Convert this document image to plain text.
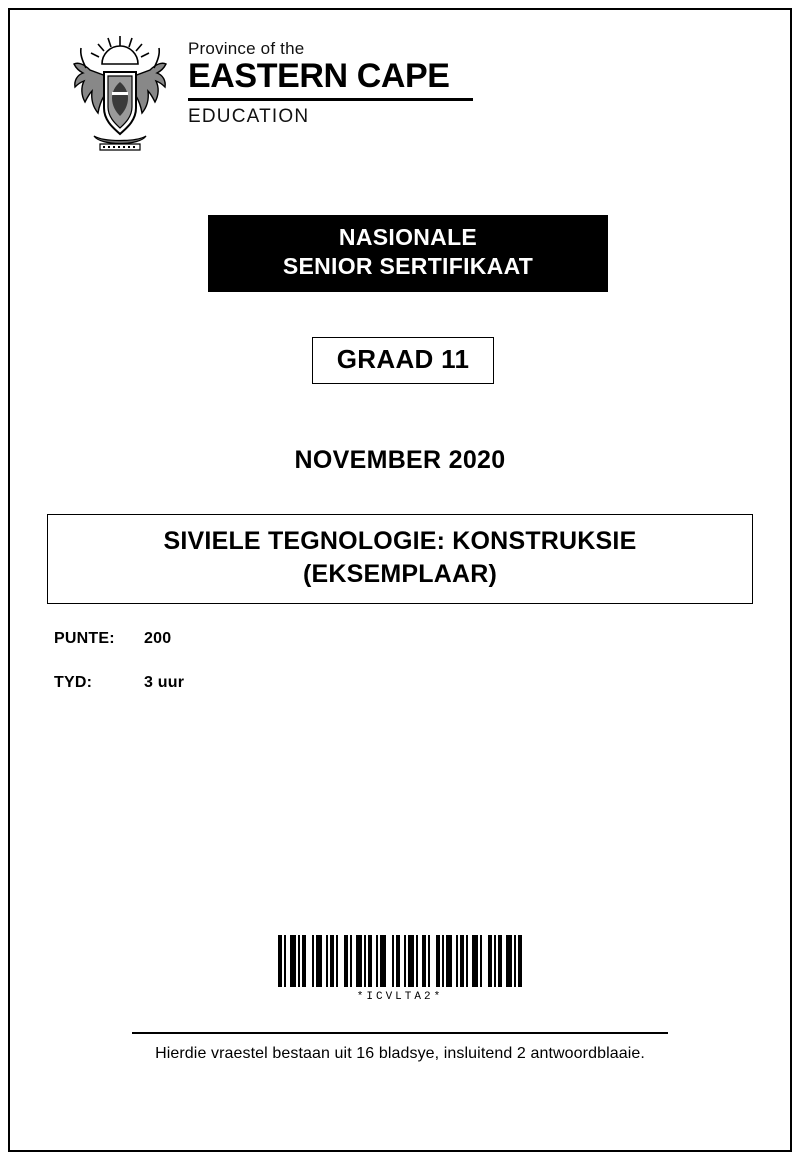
Province of the
EASTERN CAPE
EDUCATION
NASIONALE
SENIOR SERTIFIKAAT
GRAAD 11
NOVEMBER 2020
SIVIELE TEGNOLOGIE: KONSTRUKSIE
(EKSEMPLAAR)
PUNTE:	200
TYD:	3 uur

*ICVLTA2*
Hierdie vraestel bestaan uit 16 bladsye, insluitend 2 antwoordblaaie.
